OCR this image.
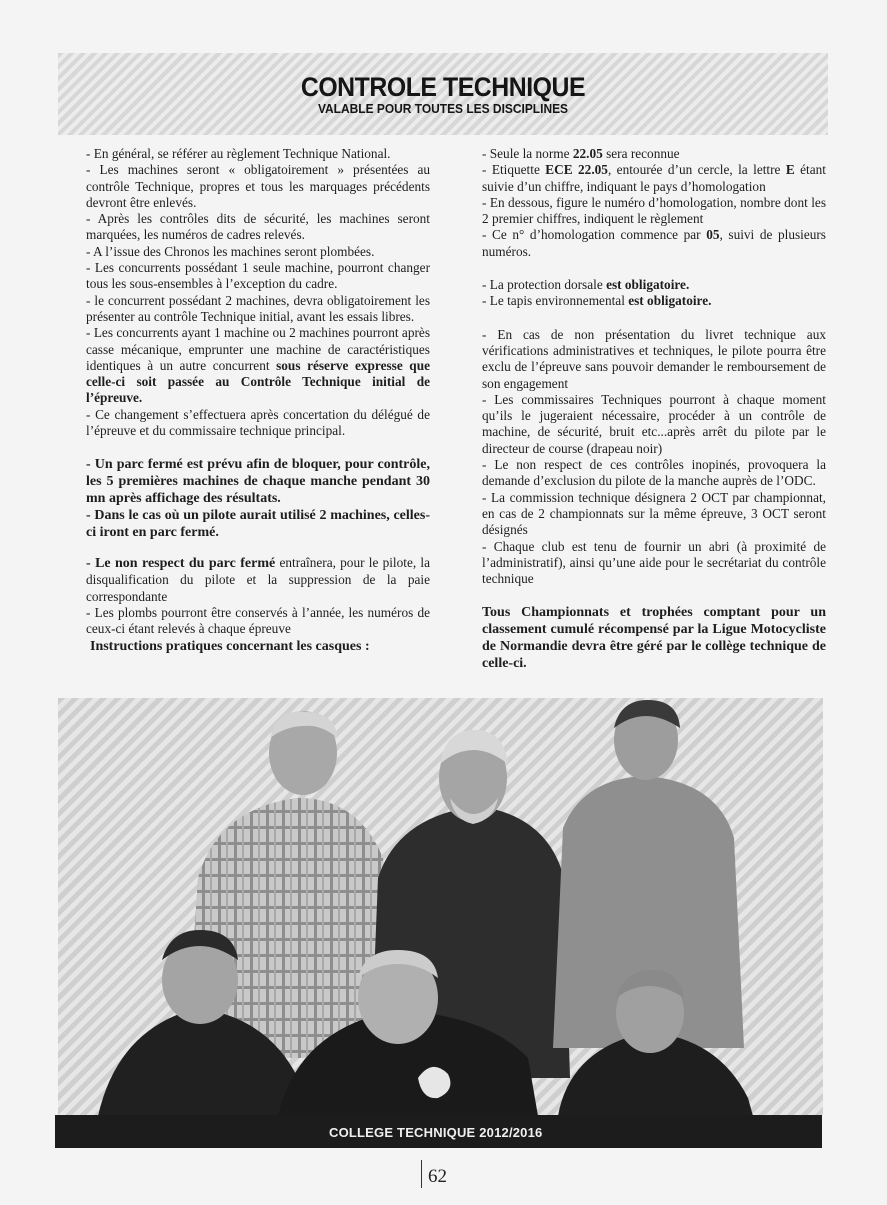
CONTROLE TECHNIQUE
VALABLE POUR TOUTES LES DISCIPLINES

- En général, se référer au règlement Technique National.

- Les machines seront « obligatoirement » présentées au contrôle Technique, propres et tous les marquages précédents devront être enlevés.

- Après les contrôles dits de sécurité, les machines seront marquées, les numéros de cadres relevés.

- A l’issue des Chronos les machines seront plombées.

- Les concurrents possédant 1 seule machine, pourront changer tous les sous-ensembles à l’exception du cadre.

- le concurrent possédant 2 machines, devra obligatoirement les présenter au contrôle Technique initial, avant les essais libres.

- Les concurrents ayant 1 machine ou 2 machines pourront après casse mécanique, emprunter une machine de caractéristiques identiques à un autre concurrent sous réserve expresse que celle-ci soit passée au Contrôle Technique initial de l’épreuve.

- Ce changement s’effectuera après concertation du délégué de l’épreuve et du commissaire technique principal.

- Un parc fermé est prévu afin de bloquer, pour contrôle, les 5 premières machines de chaque manche pendant 30 mn après affichage des résultats.

- Dans le cas où un pilote aurait utilisé 2 machines, celles-ci iront en parc fermé.

- Le non respect du parc fermé entraînera, pour le pilote, la disqualification du pilote et la suppression de la paie correspondante

- Les plombs pourront être conservés à l’année, les numéros de ceux-ci étant relevés à chaque épreuve

Instructions pratiques concernant les casques :

- Seule la norme 22.05 sera reconnue

- Etiquette ECE 22.05, entourée d’un cercle, la lettre E étant suivie d’un chiffre, indiquant le pays d’homologation

- En dessous, figure le numéro d’homologation, nombre dont les 2 premier chiffres, indiquent le règlement

- Ce n° d’homologation commence par 05, suivi de plusieurs numéros.

- La protection dorsale est obligatoire.

- Le tapis environnemental est obligatoire.

- En cas de non présentation du livret technique aux vérifications administratives et techniques, le pilote pourra être exclu de l’épreuve sans pouvoir demander le remboursement de son engagement

- Les commissaires Techniques pourront à chaque moment qu’ils le jugeraient nécessaire, procéder à un contrôle de machine, de sécurité, bruit etc...après arrêt du pilote par le directeur de course (drapeau noir)

- Le non respect de ces contrôles inopinés, provoquera la demande d’exclusion du pilote de la manche auprès de l’ODC.

- La commission technique désignera 2 OCT par championnat, en cas de 2 championnats sur la même épreuve, 3 OCT seront désignés

- Chaque club est tenu de fournir un abri (à proximité de l’administratif), ainsi qu’une aide pour le secrétariat du contrôle technique

Tous Championnats et trophées comptant pour un classement cumulé récompensé par la Ligue Motocycliste de Normandie devra être géré par le collège technique de celle-ci.

COLLEGE TECHNIQUE 2012/2016
62
